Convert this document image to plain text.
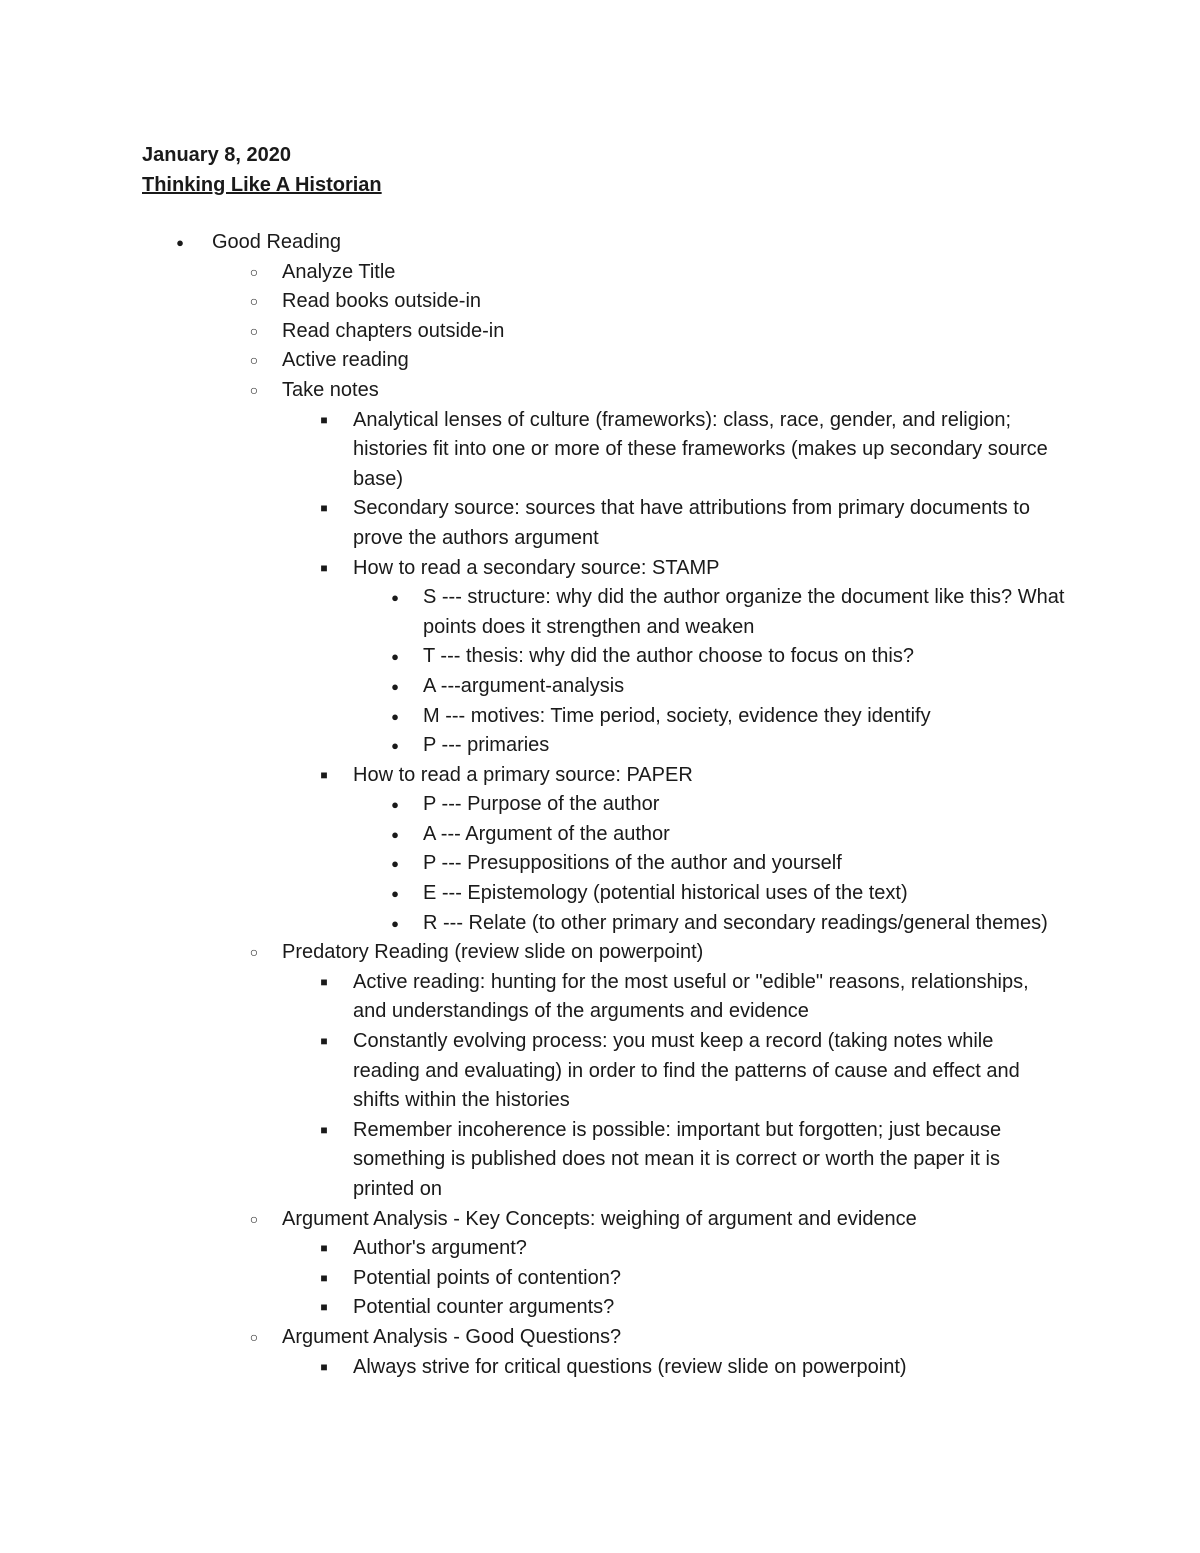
January 8, 2020

Thinking Like A Historian

●	Good Reading
○ Analyze Title
○ Read books outside-in
○ Read chapters outside-in
○ Active reading
○ Take notes
■	Analytical lenses of culture (frameworks): class, race, gender, and religion; histories fit into one or more of these frameworks (makes up secondary source base)
■	Secondary source: sources that have attributions from primary documents to prove the authors argument
■	How to read a secondary source: STAMP
●	S --- structure: why did the author organize the document like this? What points does it strengthen and weaken
●	T --- thesis: why did the author choose to focus on this?
●	A ---argument-analysis
●	M --- motives: Time period, society, evidence they identify
●	P --- primaries
■	How to read a primary source: PAPER
●	P --- Purpose of the author
●	A --- Argument of the author
●	P --- Presuppositions of the author and yourself
●	E --- Epistemology (potential historical uses of the text)
●	R --- Relate (to other primary and secondary readings/general themes)
○ Predatory Reading (review slide on powerpoint)
■	Active reading: hunting for the most useful or "edible" reasons, relationships, and understandings of the arguments and evidence
■	Constantly evolving process: you must keep a record (taking notes while reading and evaluating) in order to find the patterns of cause and effect and shifts within the histories
■	Remember incoherence is possible: important but forgotten; just because something is published does not mean it is correct or worth the paper it is printed on
○ Argument Analysis - Key Concepts: weighing of argument and evidence
■	Author's argument?
■	Potential points of contention?
■	Potential counter arguments?
○ Argument Analysis - Good Questions?
■	Always strive for critical questions (review slide on powerpoint)
